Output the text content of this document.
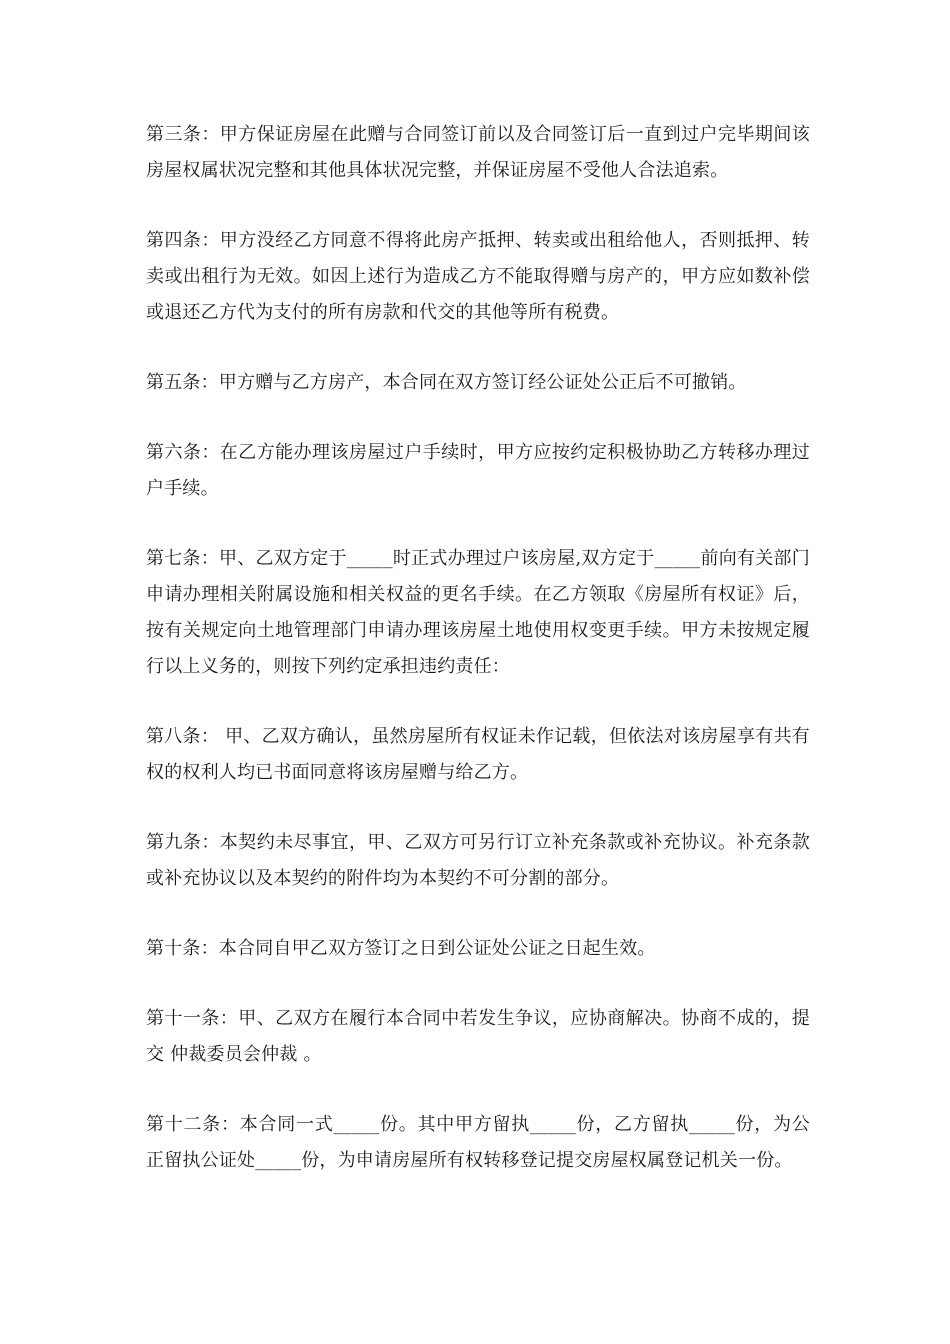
第三条：甲方保证房屋在此赠与合同签订前以及合同签订后一直到过户完毕期间该房屋权属状况完整和其他具体状况完整，并保证房屋不受他人合法追索。

第四条：甲方没经乙方同意不得将此房产抵押、转卖或出租给他人，否则抵押、转卖或出租行为无效。如因上述行为造成乙方不能取得赠与房产的，甲方应如数补偿或退还乙方代为支付的所有房款和代交的其他等所有税费。

第五条：甲方赠与乙方房产，本合同在双方签订经公证处公正后不可撤销。

第六条：在乙方能办理该房屋过户手续时，甲方应按约定积极协助乙方转移办理过户手续。

第七条：甲、乙双方定于_____时正式办理过户该房屋,双方定于_____前向有关部门申请办理相关附属设施和相关权益的更名手续。在乙方领取《房屋所有权证》后，按有关规定向土地管理部门申请办理该房屋土地使用权变更手续。甲方未按规定履行以上义务的，则按下列约定承担违约责任：

第八条： 甲、乙双方确认，虽然房屋所有权证未作记载，但依法对该房屋享有共有权的权利人均已书面同意将该房屋赠与给乙方。

第九条：本契约未尽事宜，甲、乙双方可另行订立补充条款或补充协议。补充条款或补充协议以及本契约的附件均为本契约不可分割的部分。

第十条：本合同自甲乙双方签订之日到公证处公证之日起生效。

第十一条：甲、乙双方在履行本合同中若发生争议，应协商解决。协商不成的，提交 仲裁委员会仲裁 。

第十二条：本合同一式_____份。其中甲方留执_____份，乙方留执_____份，为公正留执公证处_____份，为申请房屋所有权转移登记提交房屋权属登记机关一份。
